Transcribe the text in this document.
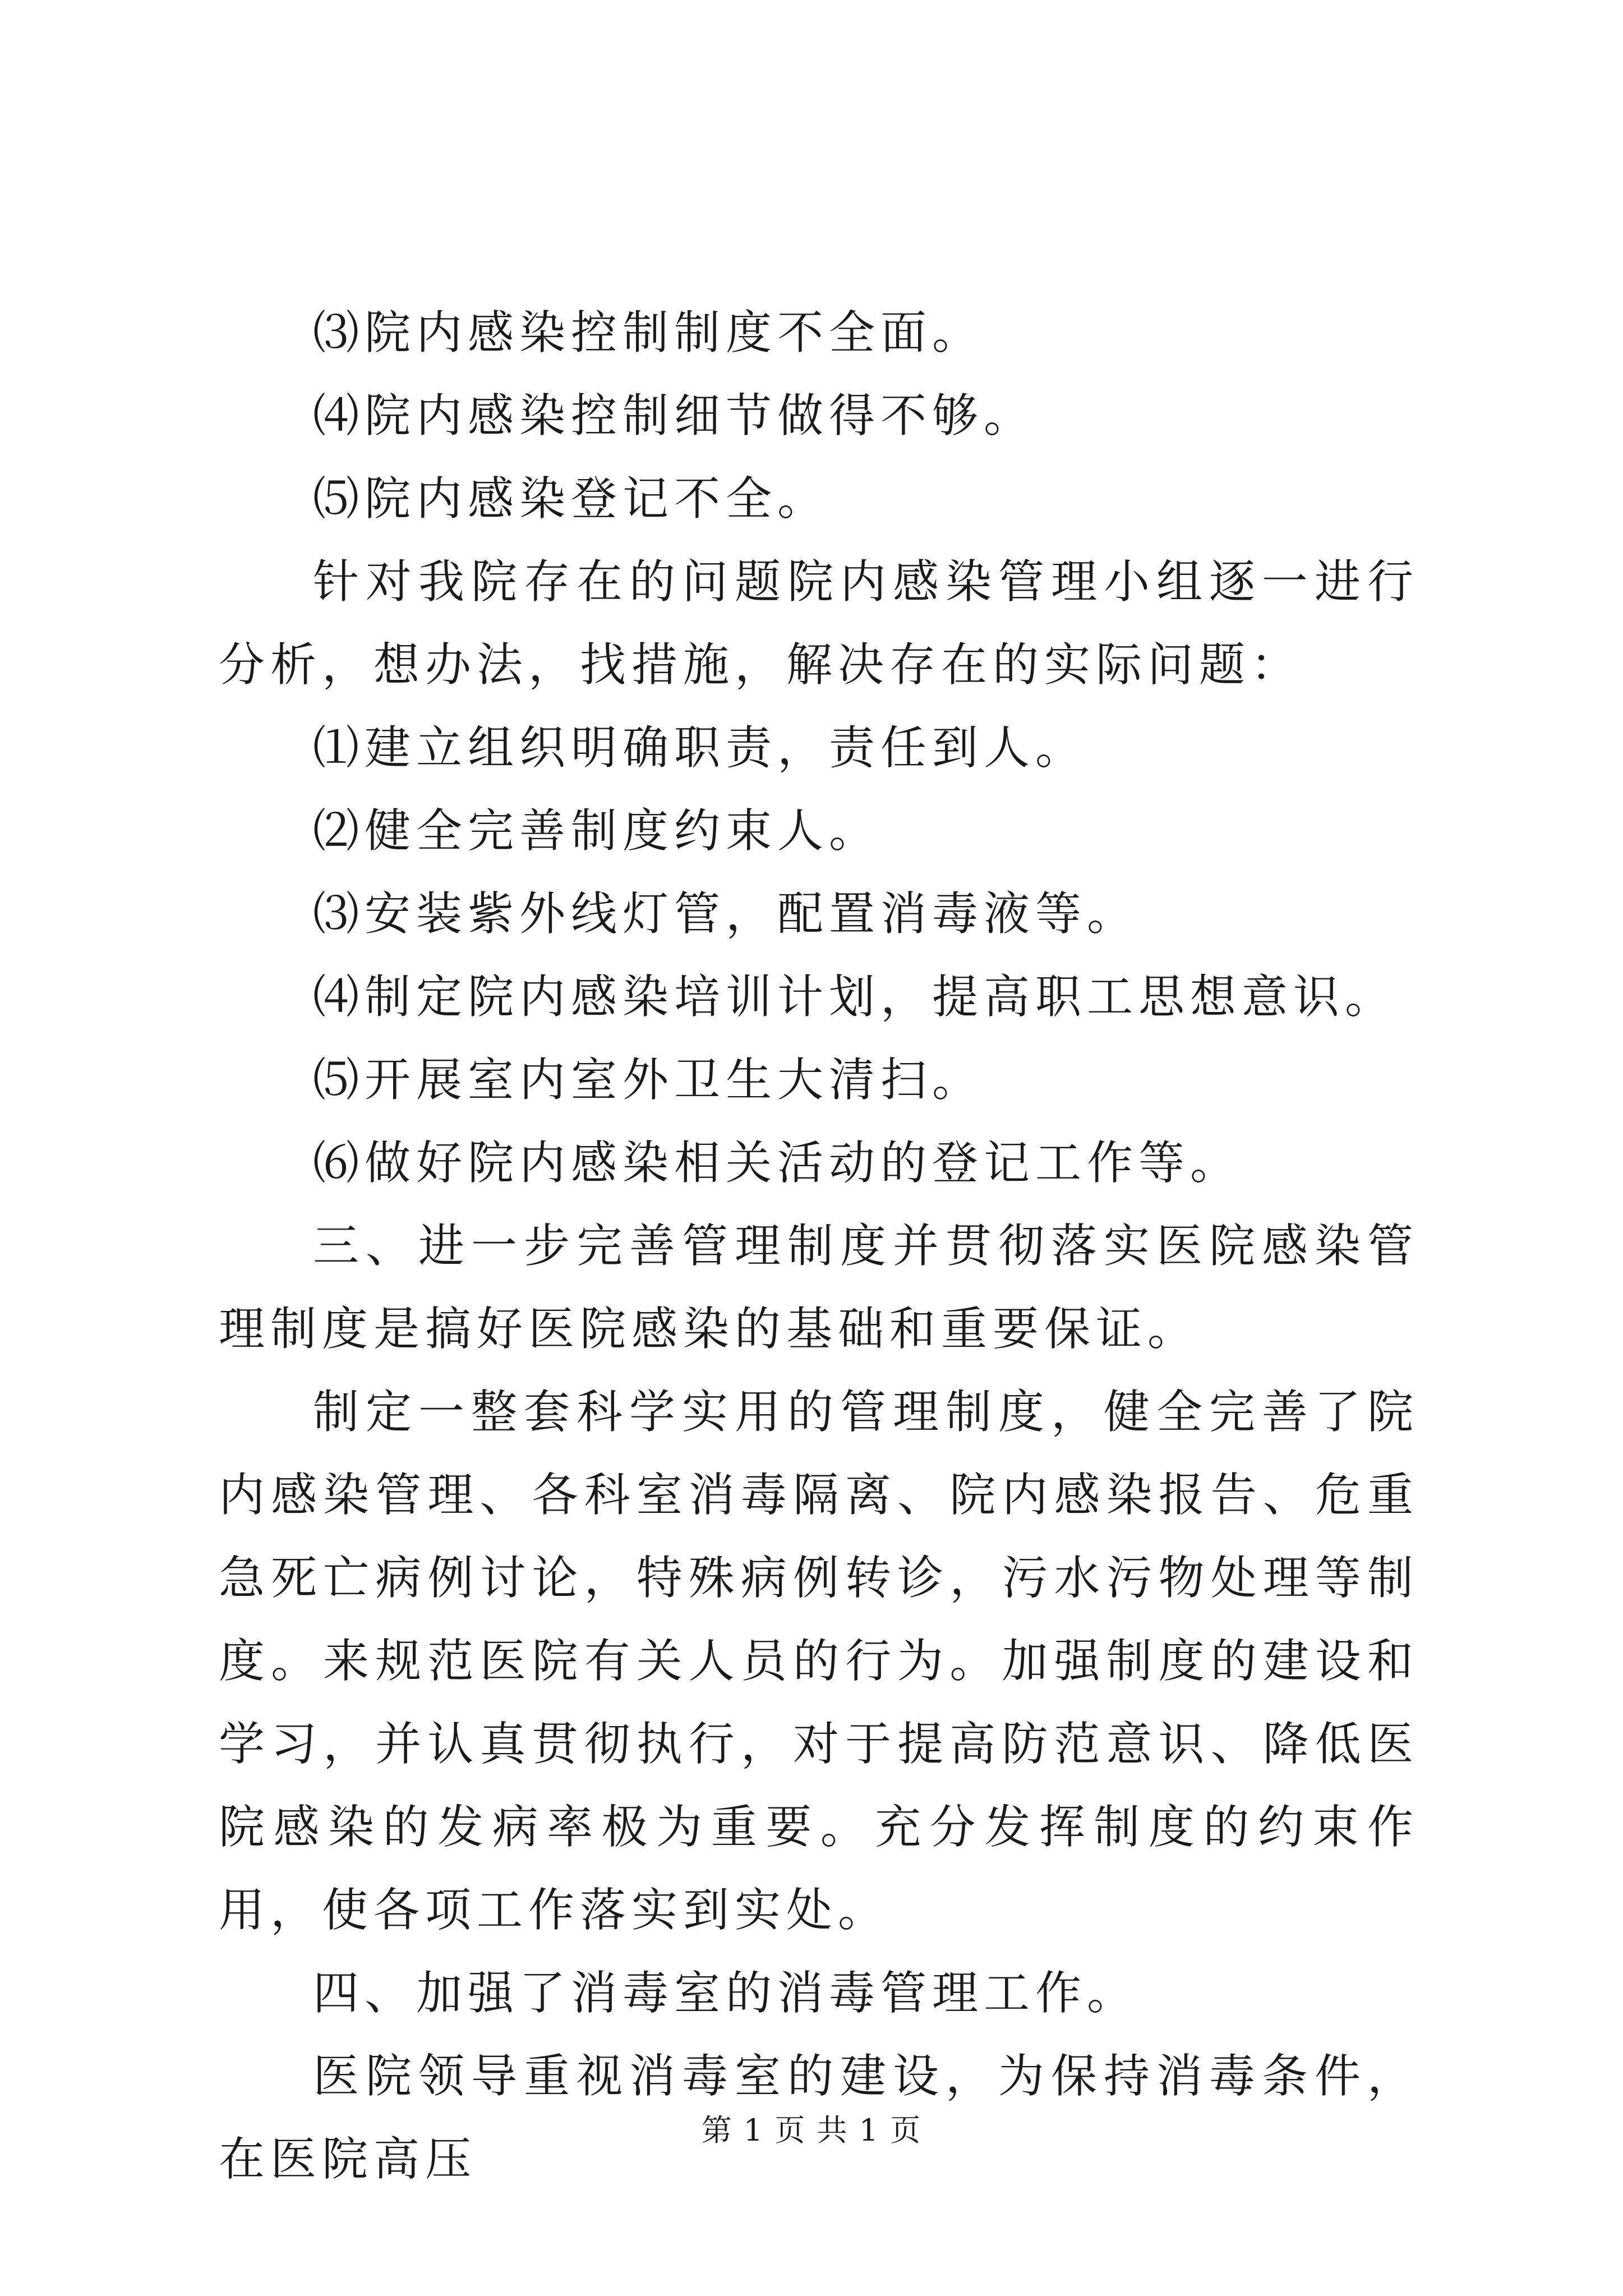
⑶院内感染控制制度不全面。

⑷院内感染控制细节做得不够。

⑸院内感染登记不全。

针对我院存在的问题院内感染管理小组逐一进行分析，想办法，找措施，解决存在的实际问题：

⑴建立组织明确职责，责任到人。

⑵健全完善制度约束人。

⑶安装紫外线灯管，配置消毒液等。

⑷制定院内感染培训计划，提高职工思想意识。

⑸开展室内室外卫生大清扫。

⑹做好院内感染相关活动的登记工作等。

三、进一步完善管理制度并贯彻落实医院感染管理制度是搞好医院感染的基础和重要保证。

制定一整套科学实用的管理制度，健全完善了院内感染管理、各科室消毒隔离、院内感染报告、危重急死亡病例讨论，特殊病例转诊，污水污物处理等制度。来规范医院有关人员的行为。加强制度的建设和学习，并认真贯彻执行，对于提高防范意识、降低医院感染的发病率极为重要。充分发挥制度的约束作用，使各项工作落实到实处。

四、加强了消毒室的消毒管理工作。

医院领导重视消毒室的建设，为保持消毒条件，在医院高压

第 1 页 共 1 页
